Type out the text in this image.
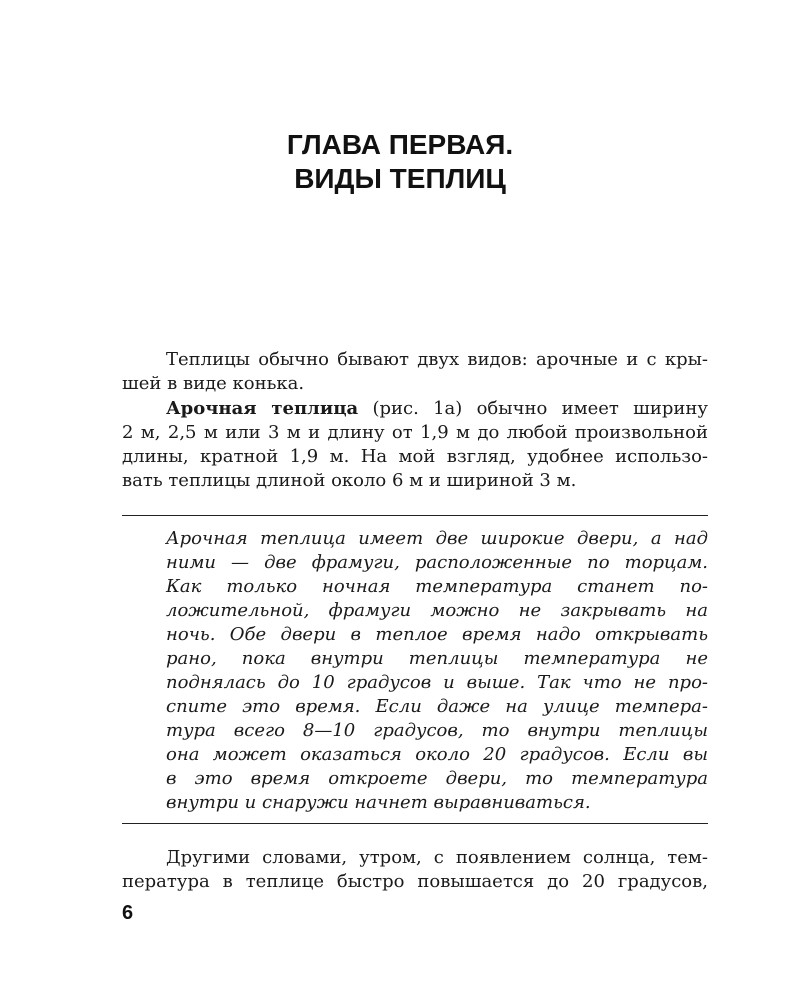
ГЛАВА ПЕРВАЯ.
ВИДЫ ТЕПЛИЦ
Теплицы обычно бывают двух видов: арочные и с кры-
шей в виде конька.
Арочная теплица (рис. 1а) обычно имеет ширину
2 м, 2,5 м или 3 м и длину от 1,9 м до любой произвольной
длины, кратной 1,9 м. На мой взгляд, удобнее использо-
вать теплицы длиной около 6 м и шириной 3 м.
Арочная теплица имеет две широкие двери, а над
ними — две фрамуги, расположенные по торцам.
Как только ночная температура станет по-
ложительной, фрамуги можно не закрывать на
ночь. Обе двери в теплое время надо открывать
рано, пока внутри теплицы температура не
поднялась до 10 градусов и выше. Так что не про-
спите это время. Если даже на улице темпера-
тура всего 8—10 градусов, то внутри теплицы
она может оказаться около 20 градусов. Если вы
в это время откроете двери, то температура
внутри и снаружи начнет выравниваться.
Другими словами, утром, с появлением солнца, тем-
пература в теплице быстро повышается до 20 градусов,
6
